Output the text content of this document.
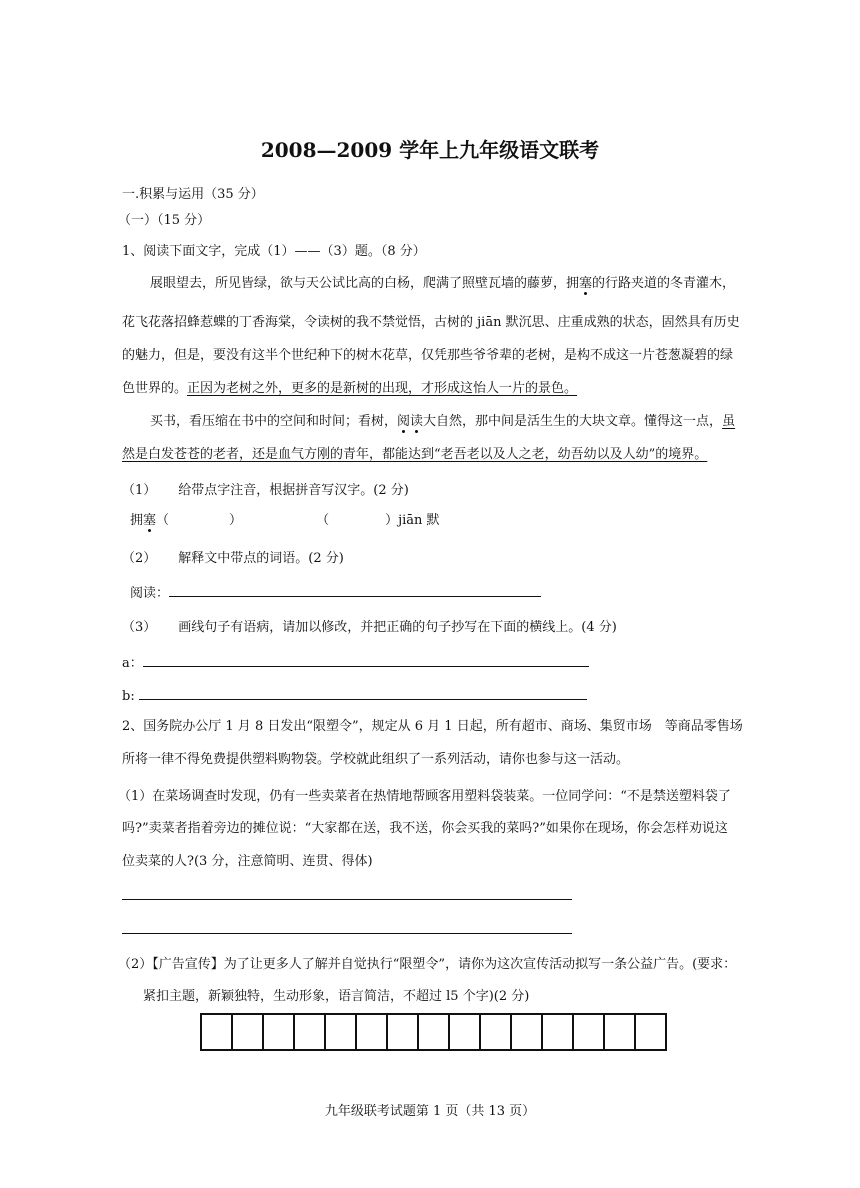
2008—2009 学年上九年级语文联考
一.积累与运用（35 分）
（一）（15 分）
1、阅读下面文字，完成（1）——（3）题。（8 分）
展眼望去，所见皆绿，欲与天公试比高的白杨，爬满了照壁瓦墙的藤萝，拥塞的行路夹道的冬青灌木，
花飞花落招蜂惹蝶的丁香海棠，令读树的我不禁觉悟，古树的 jiān 默沉思、庄重成熟的状态，固然具有历史
的魅力，但是，要没有这半个世纪种下的树木花草，仅凭那些爷爷辈的老树，是构不成这一片苍葱凝碧的绿
色世界的。正因为老树之外，更多的是新树的出现，才形成这怡人一片的景色。
买书，看压缩在书中的空间和时间；看树，阅读大自然，那中间是活生生的大块文章。懂得这一点，虽
然是白发苍苍的老者，还是血气方刚的青年，都能达到“老吾老以及人之老，幼吾幼以及人幼”的境界。
（1） 给带点字注音，根据拼音写汉字。(2 分)
拥塞（	）	（	）jiān 默
（2） 解释文中带点的词语。(2 分)
阅读：
（3） 画线句子有语病，请加以修改，并把正确的句子抄写在下面的横线上。(4 分)
a：
b:
2、国务院办公厅 1 月 8 日发出“限塑令”，规定从 6 月 1 日起，所有超市、商场、集贸市场　等商品零售场
所将一律不得免费提供塑料购物袋。学校就此组织了一系列活动，请你也参与这一活动。
（1）在菜场调查时发现，仍有一些卖菜者在热情地帮顾客用塑料袋装菜。一位同学问：“不是禁送塑料袋了
吗?”卖菜者指着旁边的摊位说：“大家都在送，我不送，你会买我的菜吗?”如果你在现场，你会怎样劝说这
位卖菜的人?(3 分，注意简明、连贯、得体)
（2）【广告宣传】为了让更多人了解并自觉执行“限塑令”，请你为这次宣传活动拟写一条公益广告。(要求：
紧扣主题，新颖独特，生动形象，语言简洁，不超过 l5 个字)(2 分)
九年级联考试题第 1 页（共 13 页）
